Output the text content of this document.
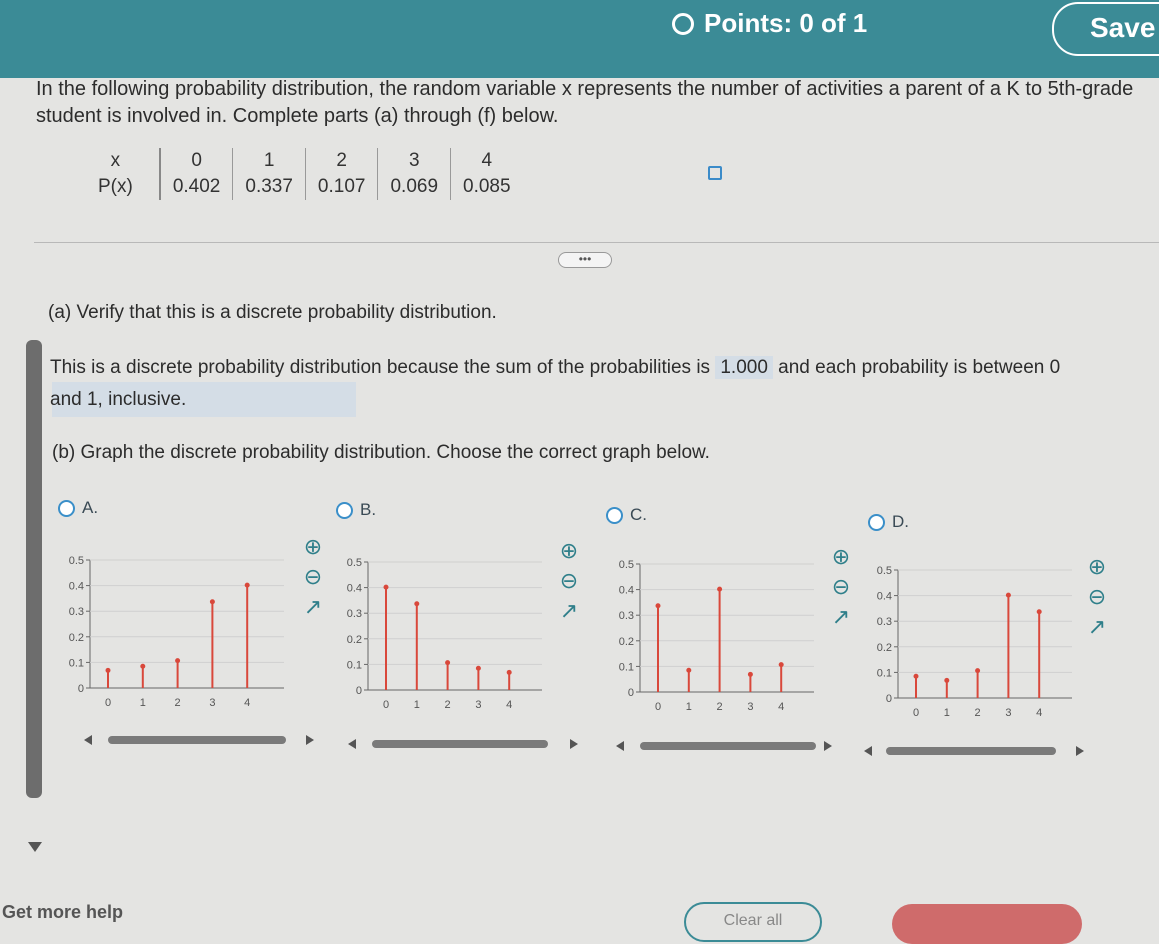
Points: 0 of 1	Save
In the following probability distribution, the random variable x represents the number of activities a parent of a K to 5th-grade student is involved in. Complete parts (a) through (f) below.
x	0	1	2	3	4
P(x)	0.402	0.337	0.107	0.069	0.085
•••
(a) Verify that this is a discrete probability distribution.
This is a discrete probability distribution because the sum of the probabilities is 1.000 and each probability is between 0 and 1, inclusive.
(b) Graph the discrete probability distribution. Choose the correct graph below.
A.
0.5
0.4
0.3
0.2
0.1
0
0	1	2	3	4
⊕
⊖
↗
B.
0.5
0.4
0.3
0.2
0.1
0
0 1 2 3 4
⊕
⊖
↗
C.
0.5
0.4
0.3
0.2
0.1
0
0 1 2 3 4
⊕
⊖
↗
D.
0.5
0.4
0.3
0.2
0.1
0
0 1 2 3 4
⊕
⊖
↗
Get more help	Clear all
